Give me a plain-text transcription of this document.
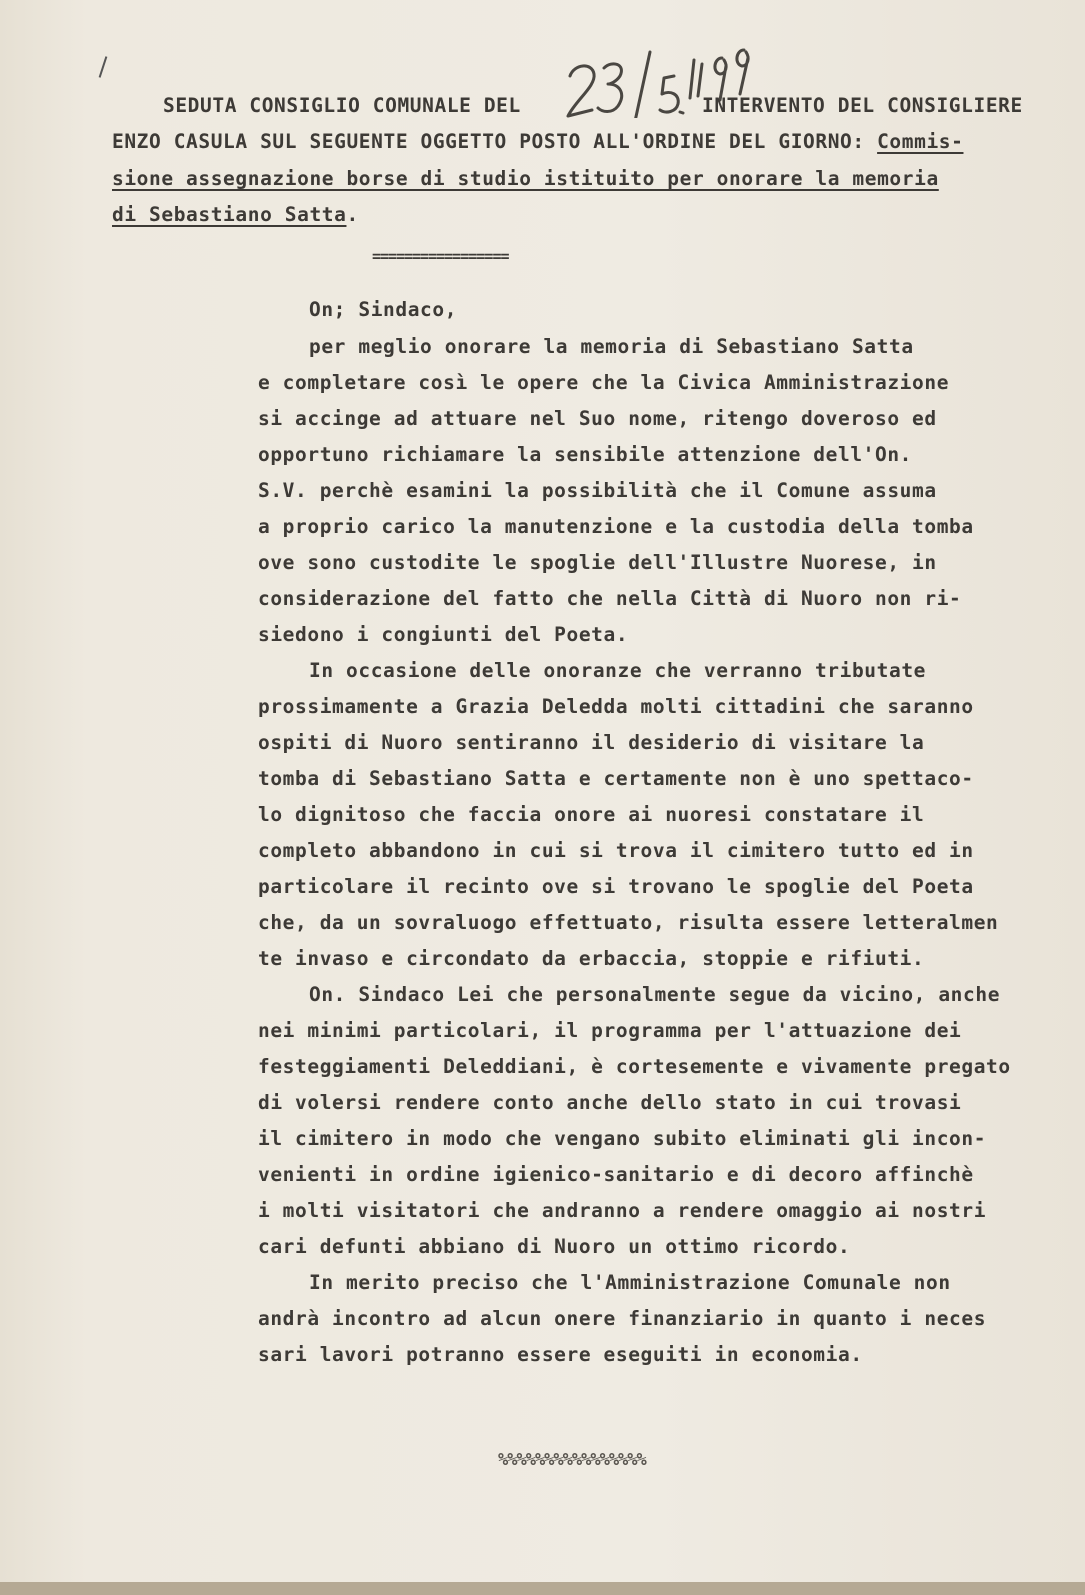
SEDUTA CONSIGLIO COMUNALE DEL	INTERVENTO DEL CONSIGLIERE
ENZO CASULA SUL SEGUENTE OGGETTO POSTO ALL'ORDINE DEL GIORNO: Commis-
sione assegnazione borse di studio istituito per onorare la memoria
di Sebastiano Satta.
=================
On; Sindaco,
per meglio onorare la memoria di Sebastiano Satta
e completare così le opere che la Civica Amministrazione
si accinge ad attuare nel Suo nome, ritengo doveroso ed
opportuno richiamare la sensibile attenzione dell'On.
S.V. perchè esamini la possibilità che il Comune assuma
a proprio carico la manutenzione e la custodia della tomba
ove sono custodite le spoglie dell'Illustre Nuorese, in
considerazione del fatto che nella Città di Nuoro non ri-
siedono i congiunti del Poeta.
In occasione delle onoranze che verranno tributate
prossimamente a Grazia Deledda molti cittadini che saranno
ospiti di Nuoro sentiranno il desiderio di visitare la
tomba di Sebastiano Satta e certamente non è uno spettaco-
lo dignitoso che faccia onore ai nuoresi constatare il
completo abbandono in cui si trova il cimitero tutto ed in
particolare il recinto ove si trovano le spoglie del Poeta
che, da un sovraluogo effettuato, risulta essere letteralmen
te invaso e circondato da erbaccia, stoppie e rifiuti.
On. Sindaco Lei che personalmente segue da vicino, anche
nei minimi particolari, il programma per l'attuazione dei
festeggiamenti Deleddiani, è cortesemente e vivamente pregato
di volersi rendere conto anche dello stato in cui trovasi
il cimitero in modo che vengano subito eliminati gli incon-
venienti in ordine igienico-sanitario e di decoro affinchè
i molti visitatori che andranno a rendere omaggio ai nostri
cari defunti abbiano di Nuoro un ottimo ricordo.
In merito preciso che l'Amministrazione Comunale non
andrà incontro ad alcun onere finanziario in quanto i neces
sari lavori potranno essere eseguiti in economia.
%%%%%%%%%%%%%%%%
